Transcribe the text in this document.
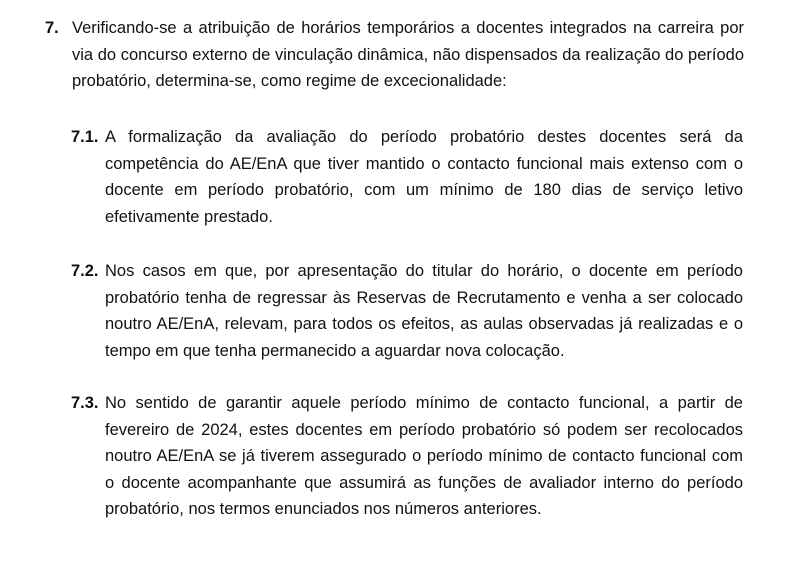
7. Verificando-se a atribuição de horários temporários a docentes integrados na carreira por via do concurso externo de vinculação dinâmica, não dispensados da realização do período probatório, determina-se, como regime de excecionalidade:

7.1. A formalização da avaliação do período probatório destes docentes será da competência do AE/EnA que tiver mantido o contacto funcional mais extenso com o docente em período probatório, com um mínimo de 180 dias de serviço letivo efetivamente prestado.

7.2. Nos casos em que, por apresentação do titular do horário, o docente em período probatório tenha de regressar às Reservas de Recrutamento e venha a ser colocado noutro AE/EnA, relevam, para todos os efeitos, as aulas observadas já realizadas e o tempo em que tenha permanecido a aguardar nova colocação.

7.3. No sentido de garantir aquele período mínimo de contacto funcional, a partir de fevereiro de 2024, estes docentes em período probatório só podem ser recolocados noutro AE/EnA se já tiverem assegurado o período mínimo de contacto funcional com o docente acompanhante que assumirá as funções de avaliador interno do período probatório, nos termos enunciados nos números anteriores.
